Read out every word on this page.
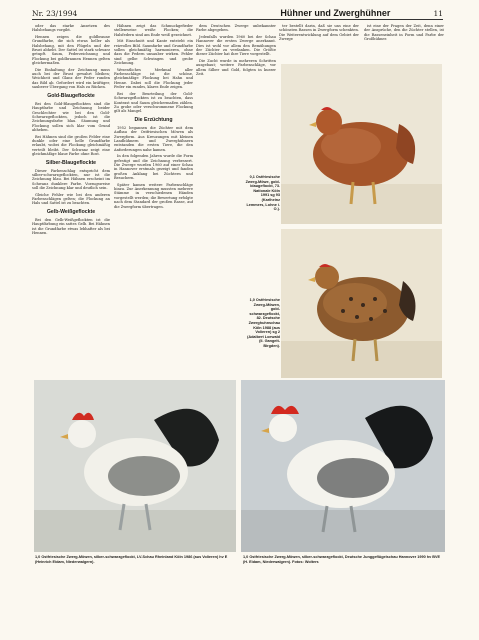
Nr. 23/1994	Hühner und Zwerghühner	11

oder das starke Ansetzen des Halsbehangs vorgibt.

Hennen zeigen die goldbraune Grundfarbe, die sich etwas heller als Halsbehang, mit den Flügeln und der Brust abhebt. Der Sattel ist stark schwarz getupft. Saum, Federzeichnung und Flockung bei goldbraunen Hennen gelten gleichermaßen.

Die Einhaltung der Zeichnung muss auch bei der Brust gewahrt bleiben; Weichheit und Glanz der Feder runden das Bild ab. Gefordert wird ein kräftiger, sauberer Übergang von Hals zu Rücken.

Gold-Blaugeflockte

Bei den Gold-Blaugeflockten sind die Hauptfarbe und Zeichnung beider Geschlechter wie bei den Gold-Schwarzgeflockten, jedoch ist die Zeichnungsfarbe blau. Säumung und Flockung sollen sich klar vom Grund abheben.

Bei Hähnen sind die großen Felder eine dunkle oder eine helle Grundfarbe erlaubt, wobei die Flockung gleichmäßig verteilt bleibt. Der Schwanz zeigt eine gleichmäßige blaue Farbe ohne Rost.

Silber-Blaugeflockte

Dieser Farbenschlag entspricht dem silber-schwarzgeflockten, nur ist die Zeichnung blau. Bei Hähnen erscheint im Schwanz dunklere Farbe. Vorzugsweise soll die Zeichnung klar und deutlich sein.

Gleiche Fehler wie bei den anderen Farbenschlägen gelten; die Flockung an Hals und Sattel ist zu beachten.

Gelb-Weißgeflockte

Bei den Gelb-Weißgeflockten ist die Hauptfärbung ein sattes Gelb. Bei Hähnen ist die Grundfarbe etwas lebhafter als bei Hennen.

Hähnen zeigt das Schmuckgefieder stellenweise weiße Flocken; die Halsfedern sind am Ende weiß gezeichnet.

Mit Einschnitt und Kante entsteht ein reizvolles Bild. Saumfarbe und Grundfarbe sollen gleichmäßig harmonieren, ohne dass die Federn unsauber wirken. Fehler sind gelbe Schwingen und grobe Zeichnung.

Wesentliches Merkmal aller Farbenschläge ist die schöne, gleichmäßige Flockung bei Hahn und Henne. Dabei soll die Flockung jeder Feder ein rundes, klares Ende zeigen.

Bei der Beurteilung der Gold-Schwarzgeflockten ist zu beachten, dass Kontrast und Saum gleichermaßen zählen. Zu grobe oder verschwommene Flockung gilt als Mangel.

Die Erzüchtung

1952 begannen die Züchter mit dem Aufbau der Ostfriesischen Möwen als Zwergform. Aus Kreuzungen mit kleinen Landhühnern und Zwerghühnern entstanden die ersten Tiere, die den Anforderungen nahe kamen.

In den folgenden Jahren wurde die Form gefestigt und die Zeichnung verbessert. Die Zwerge wurden 1960 auf einer Schau in Hannover erstmals gezeigt und fanden großen Anklang bei Züchtern und Besuchern.

Später kamen weitere Farbenschläge hinzu. Zur Anerkennung mussten mehrere Stämme in verschiedenen Händen vorgestellt werden; die Bewertung erfolgte nach dem Standard der großen Rasse, auf die Zwergform übertragen.

dem Deutschen Zwerge unbekannter Farbe abgegeben.

Jedenfalls wurden 1960 bei der Schau Hannover die ersten Zwerge anerkannt. Dies ist wohl vor allem den Bemühungen der Züchter zu verdanken. Die Größte dieser Züchter hat ihre Tiere vorgestellt.

Die Zucht wurde in mehreren Schritten ausgebaut; weitere Farbenschläge, vor allem Silber und Gold, folgten in kurzer Zeit.

ter bestellt darin, daß sie uns eine der schönsten Rassen in Zwergform schenkten. Die Weiterentwicklung auf dem Gebiet der Zwerge

ist eine der Fragen der Zeit, denn einer der Ansprüche, den die Züchter stellen, ist die Rasseneinheit in Form und Farbe der Großhühner.

0,1 Ostfriesische Zwerg-Möwe, gold-blaugeflockt, 73. Nationale Köln 1991 sg 93 (Karlheinz Lemmers, Lohne i. O.).
1,0 Ostfriesische Zwerg-Möwen, gold-schwarzgeflockt, 82. Deutsche Zwerghuhnschau Köln 1988 (aus Volieren) sg 2 (Adalbert Loewald (II. Gangelt-Birgden).
1,0 Ostfriesische Zwerg-Möwen, silber-schwarzgeflockt, LV-Schau Rheinland Köln 1986 (aus Volieren) hv E (Heinrich Eidam, Niederwalgern).
1,0 Ostfriesische Zwerg-Möwen, silber-schwarzgeflockt, Deutsche Junggeflügelschau Hannover 1990 hv BVE (H. Eidam, Niederwalgern). Fotos: Wolters
